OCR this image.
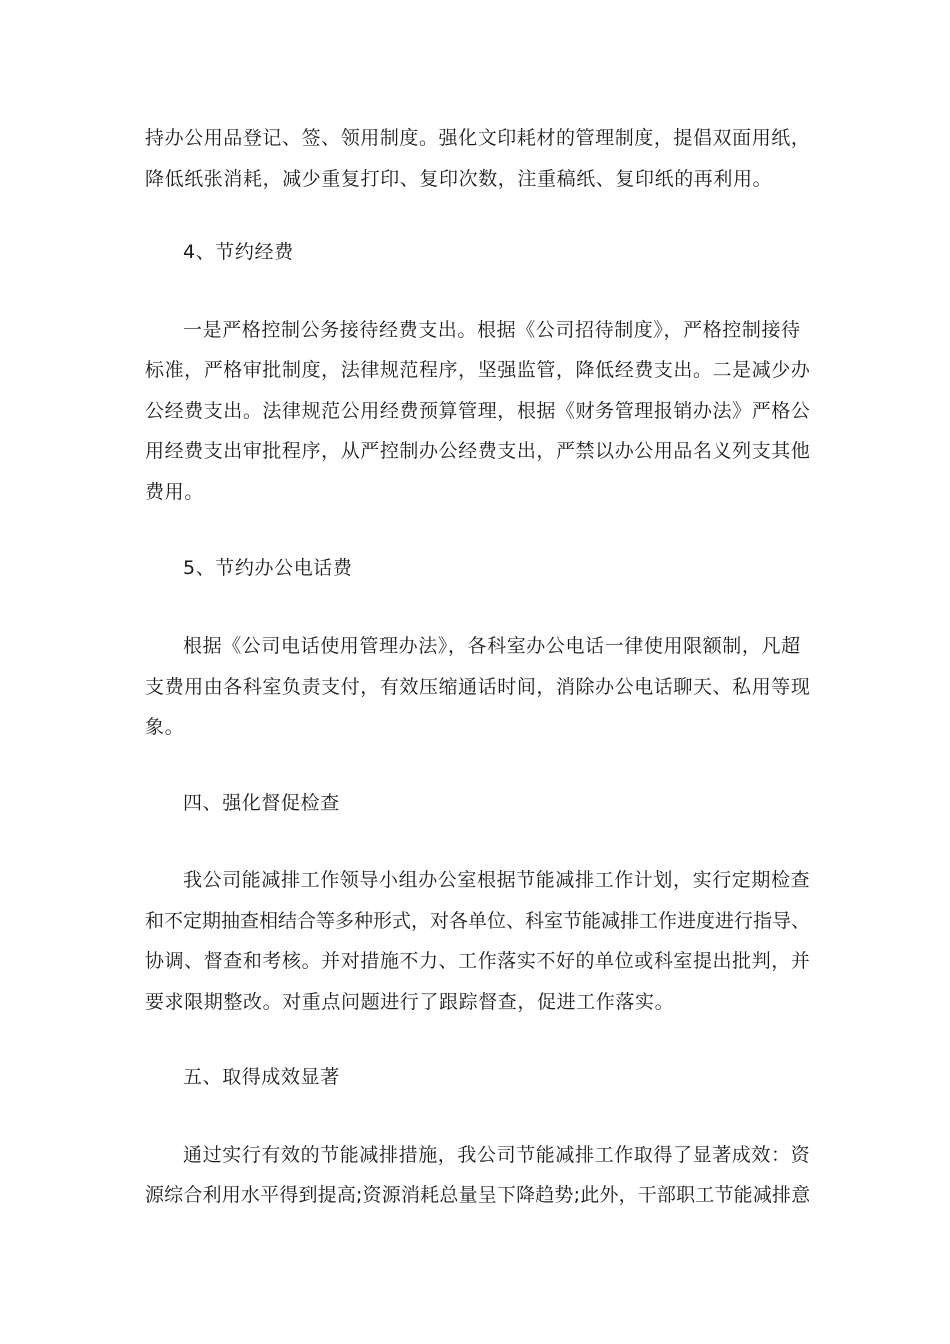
持办公用品登记、签、领用制度。强化文印耗材的管理制度，提倡双面用纸，
降低纸张消耗，减少重复打印、复印次数，注重稿纸、复印纸的再利用。
4、节约经费
一是严格控制公务接待经费支出。根据《公司招待制度》，严格控制接待
标准，严格审批制度，法律规范程序，坚强监管，降低经费支出。二是减少办
公经费支出。法律规范公用经费预算管理，根据《财务管理报销办法》严格公
用经费支出审批程序，从严控制办公经费支出，严禁以办公用品名义列支其他
费用。
5、节约办公电话费
根据《公司电话使用管理办法》，各科室办公电话一律使用限额制，凡超
支费用由各科室负责支付，有效压缩通话时间，消除办公电话聊天、私用等现
象。
四、强化督促检查
我公司能减排工作领导小组办公室根据节能减排工作计划，实行定期检查
和不定期抽查相结合等多种形式，对各单位、科室节能减排工作进度进行指导、
协调、督查和考核。并对措施不力、工作落实不好的单位或科室提出批判，并
要求限期整改。对重点问题进行了跟踪督查，促进工作落实。
五、取得成效显著
通过实行有效的节能减排措施，我公司节能减排工作取得了显著成效：资
源综合利用水平得到提高;资源消耗总量呈下降趋势;此外，干部职工节能减排意
